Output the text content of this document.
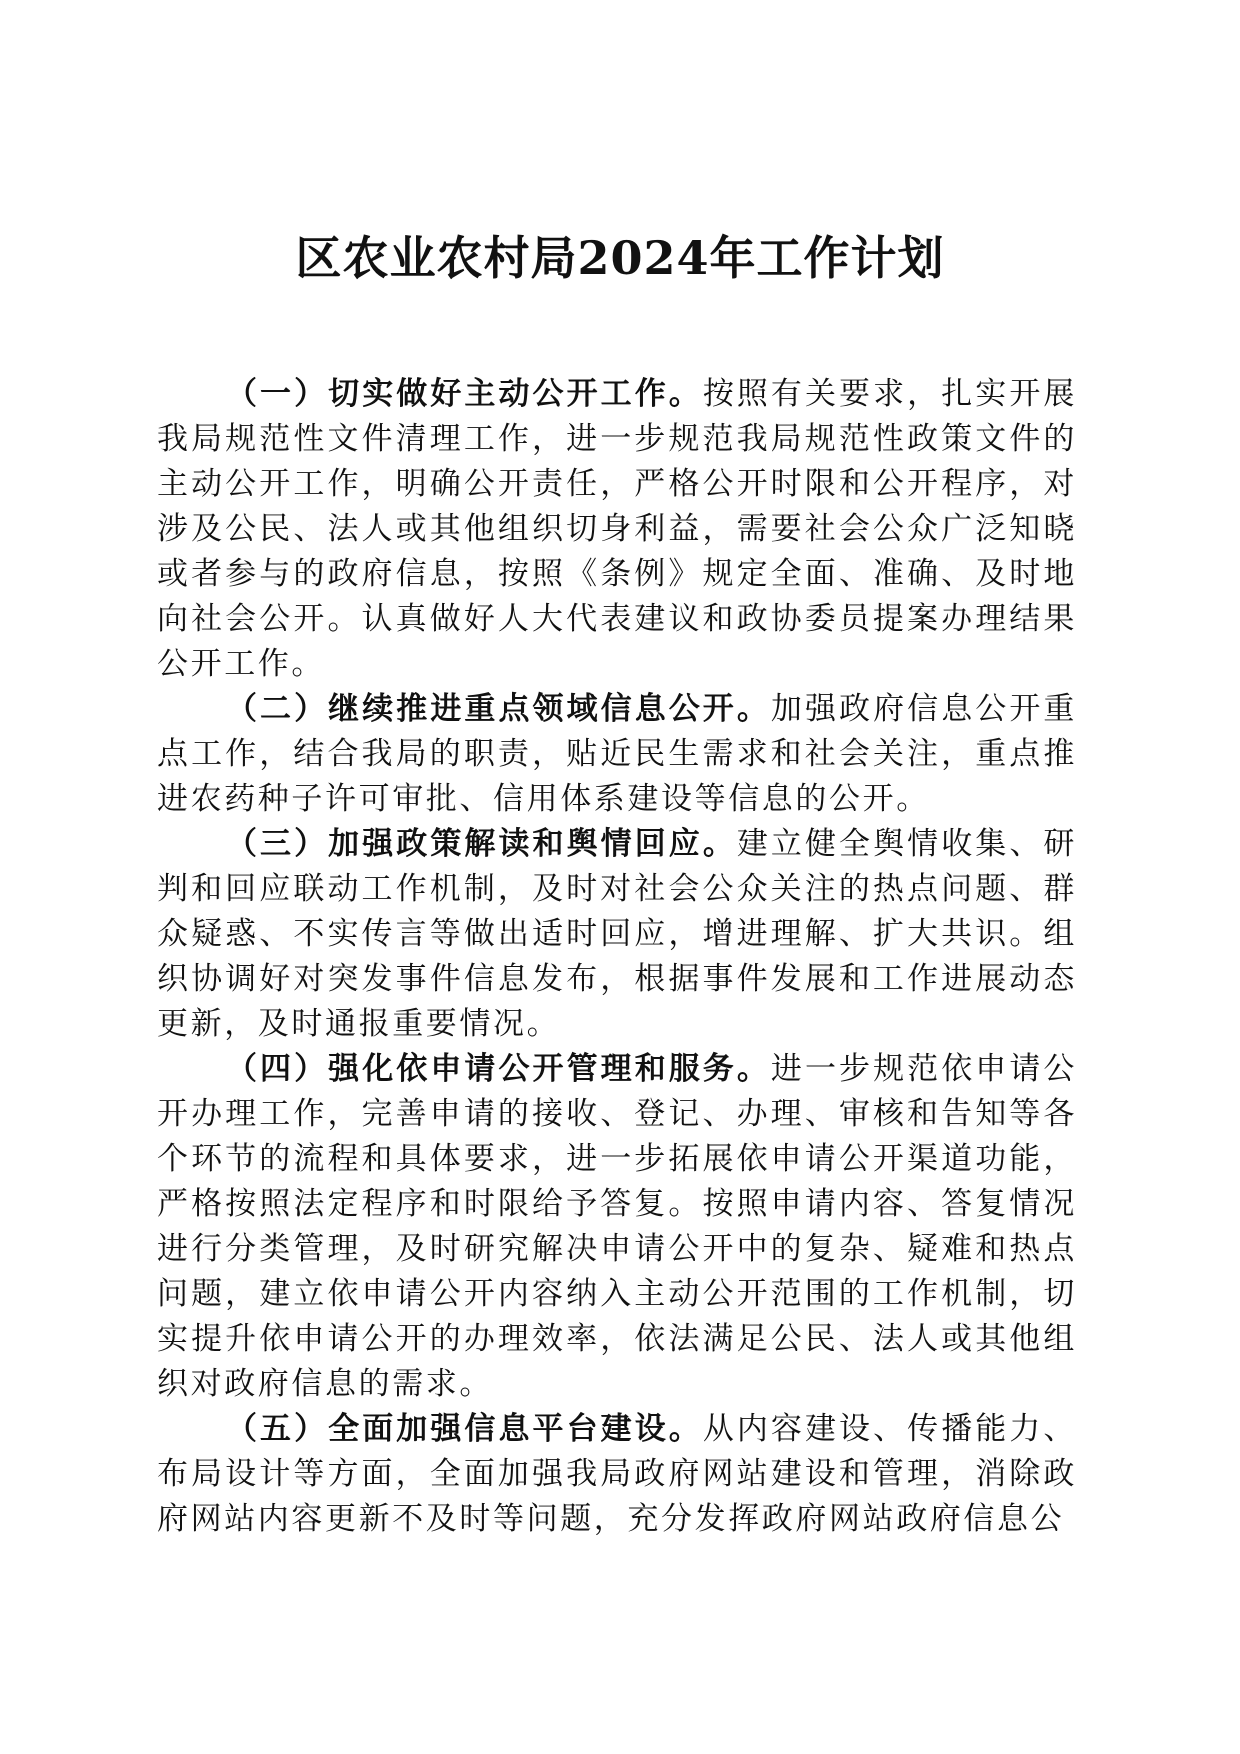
区农业农村局2024年工作计划

（一）切实做好主动公开工作。按照有关要求，扎实开展我局规范性文件清理工作，进一步规范我局规范性政策文件的主动公开工作，明确公开责任，严格公开时限和公开程序，对涉及公民、法人或其他组织切身利益，需要社会公众广泛知晓或者参与的政府信息，按照《条例》规定全面、准确、及时地向社会公开。认真做好人大代表建议和政协委员提案办理结果公开工作。

（二）继续推进重点领域信息公开。加强政府信息公开重点工作，结合我局的职责，贴近民生需求和社会关注，重点推进农药种子许可审批、信用体系建设等信息的公开。

（三）加强政策解读和舆情回应。建立健全舆情收集、研判和回应联动工作机制，及时对社会公众关注的热点问题、群众疑惑、不实传言等做出适时回应，增进理解、扩大共识。组织协调好对突发事件信息发布，根据事件发展和工作进展动态更新，及时通报重要情况。

（四）强化依申请公开管理和服务。进一步规范依申请公开办理工作，完善申请的接收、登记、办理、审核和告知等各个环节的流程和具体要求，进一步拓展依申请公开渠道功能，严格按照法定程序和时限给予答复。按照申请内容、答复情况进行分类管理，及时研究解决申请公开中的复杂、疑难和热点问题，建立依申请公开内容纳入主动公开范围的工作机制，切实提升依申请公开的办理效率，依法满足公民、法人或其他组织对政府信息的需求。

（五）全面加强信息平台建设。从内容建设、传播能力、布局设计等方面，全面加强我局政府网站建设和管理，消除政府网站内容更新不及时等问题，充分发挥政府网站政府信息公
